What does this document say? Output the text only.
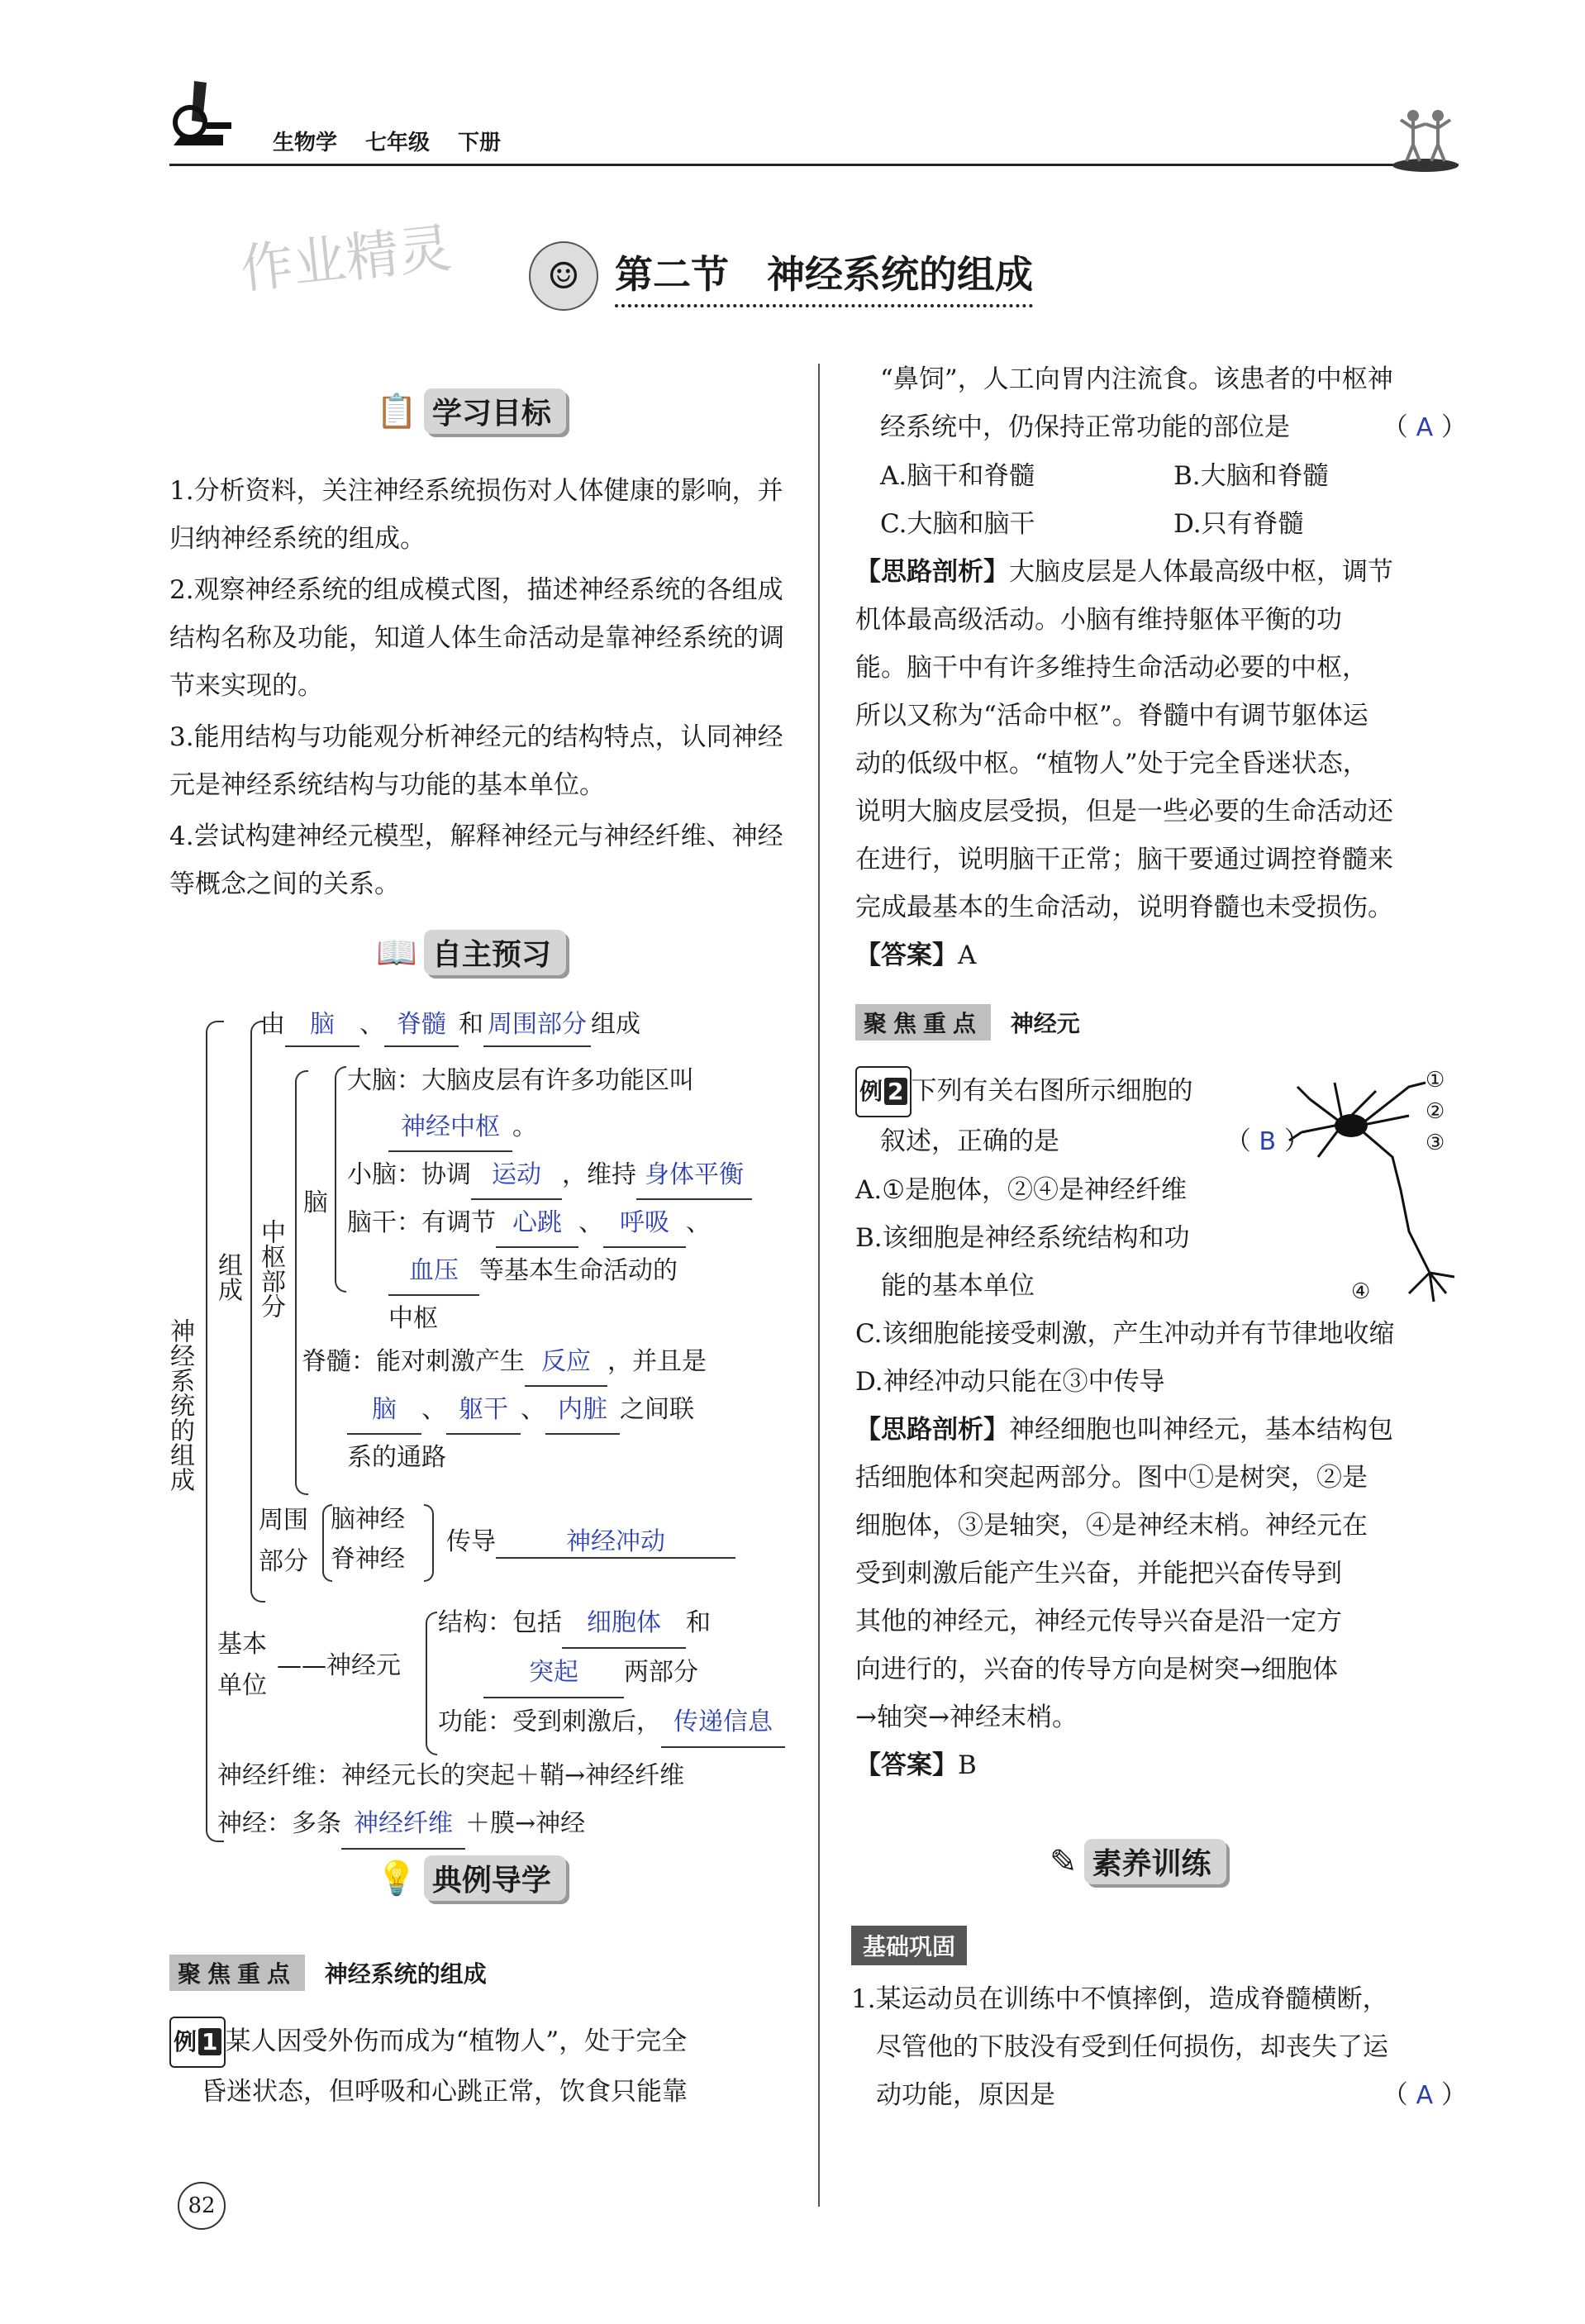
生物学 七年级 下册
作业精灵	☺ 第二节　神经系统的组成
📋 学习目标
1.分析资料，关注神经系统损伤对人体健康的影响，并归纳神经系统的组成。
2.观察神经系统的组成模式图，描述神经系统的各组成结构名称及功能，知道人体生命活动是靠神经系统的调节来实现的。
3.能用结构与功能观分析神经元的结构特点，认同神经元是神经系统结构与功能的基本单位。
4.尝试构建神经元模型，解释神经元与神经纤维、神经等概念之间的关系。
📖 自主预习
神经系统的组成
组成
由 脑 、 脊髓 和 周围部分 组成
中枢部分
脑
大脑：大脑皮层有许多功能区叫
神经中枢 。
小脑：协调 运动 ，维持 身体平衡
脑干：有调节 心跳 、 呼吸 、
血压 等基本生命活动的
中枢
脊髓：能对刺激产生 反应 ，并且是
脑 、 躯干 、 内脏 之间联
系的通路
周围部分
脑神经
脊神经
传导	神经冲动
基本单位
——神经元
结构：包括 细胞体 和
突起 两部分
功能：受到刺激后， 传递信息
神经纤维：神经元长的突起＋鞘→神经纤维
神经：多条 神经纤维 ＋膜→神经
💡 典例导学
聚焦重点 神经系统的组成
例 1 某人因受外伤而成为“植物人”，处于完全
昏迷状态，但呼吸和心跳正常，饮食只能靠
82
“鼻饲”，人工向胃内注流食。该患者的中枢神
经系统中，仍保持正常功能的部位是	（ A ）
A.脑干和脊髓	B.大脑和脊髓
C.大脑和脑干	D.只有脊髓
【思路剖析】大脑皮层是人体最高级中枢，调节
机体最高级活动。小脑有维持躯体平衡的功
能。脑干中有许多维持生命活动必要的中枢，
所以又称为“活命中枢”。脊髓中有调节躯体运
动的低级中枢。“植物人”处于完全昏迷状态，
说明大脑皮层受损，但是一些必要的生命活动还
在进行，说明脑干正常；脑干要通过调控脊髓来
完成最基本的生命活动，说明脊髓也未受损伤。
【答案】A
聚焦重点 神经元
例 2 下列有关右图所示细胞的
叙述，正确的是	（ B ）
A.①是胞体，②④是神经纤维
B.该细胞是神经系统结构和功
　能的基本单位
C.该细胞能接受刺激，产生冲动并有节律地收缩
D.神经冲动只能在③中传导
【思路剖析】神经细胞也叫神经元，基本结构包
括细胞体和突起两部分。图中①是树突，②是
细胞体，③是轴突，④是神经末梢。神经元在
受到刺激后能产生兴奋，并能把兴奋传导到
其他的神经元，神经元传导兴奋是沿一定方
向进行的，兴奋的传导方向是树突→细胞体
→轴突→神经末梢。
【答案】B
①
②
③
④
✎ 素养训练
基础巩固
1.某运动员在训练中不慎摔倒，造成脊髓横断，
尽管他的下肢没有受到任何损伤，却丧失了运
动功能，原因是	（ A ）
